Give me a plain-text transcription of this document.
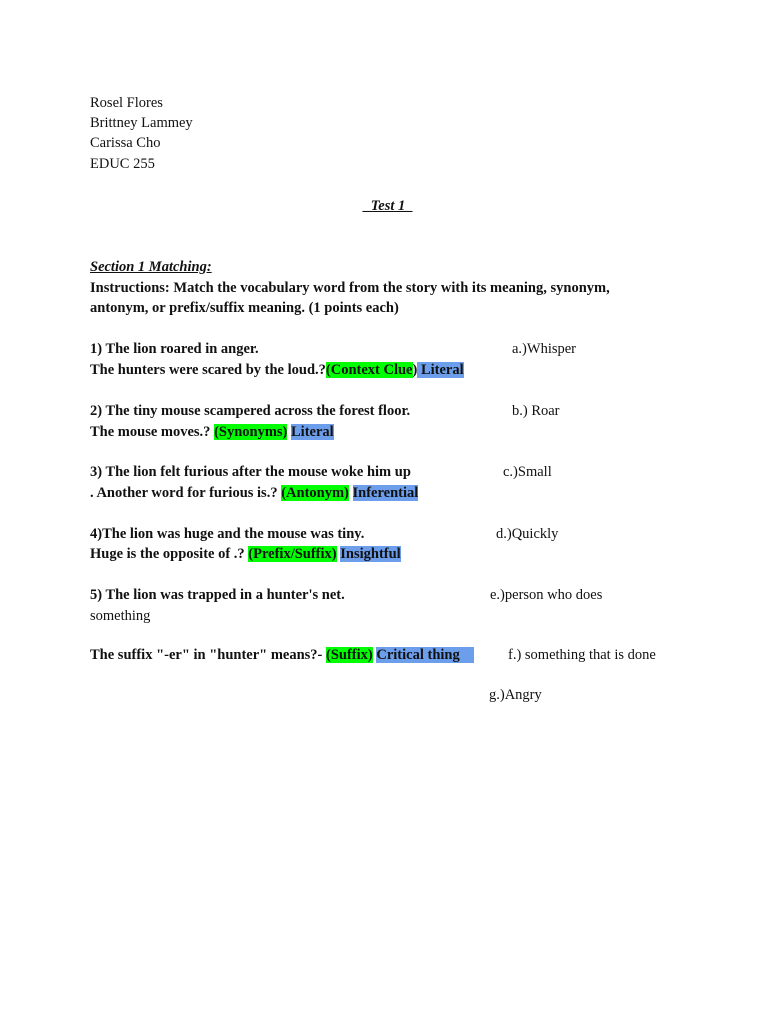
Rosel Flores
Brittney Lammey
Carissa Cho
EDUC 255
_Test 1_
Section 1 Matching:
Instructions: Match the vocabulary word from the story with its meaning, synonym,
antonym, or prefix/suffix meaning. (1 points each)
1) The lion roared in anger.	a.)Whisper
The hunters were scared by the loud.?(Context Clue) Literal
2) The tiny mouse scampered across the forest floor.	b.) Roar
The mouse moves.? (Synonyms) Literal
3) The lion felt furious after the mouse woke him up	c.)Small
. Another word for furious is.? (Antonym) Inferential
4)The lion was huge and the mouse was tiny.	d.)Quickly
Huge is the opposite of .? (Prefix/Suffix) Insightful
5) The lion was trapped in a hunter's net.	e.)person who does
something
The suffix "-er" in "hunter" means?- (Suffix) Critical thing f.) something that is done
g.)Angry
